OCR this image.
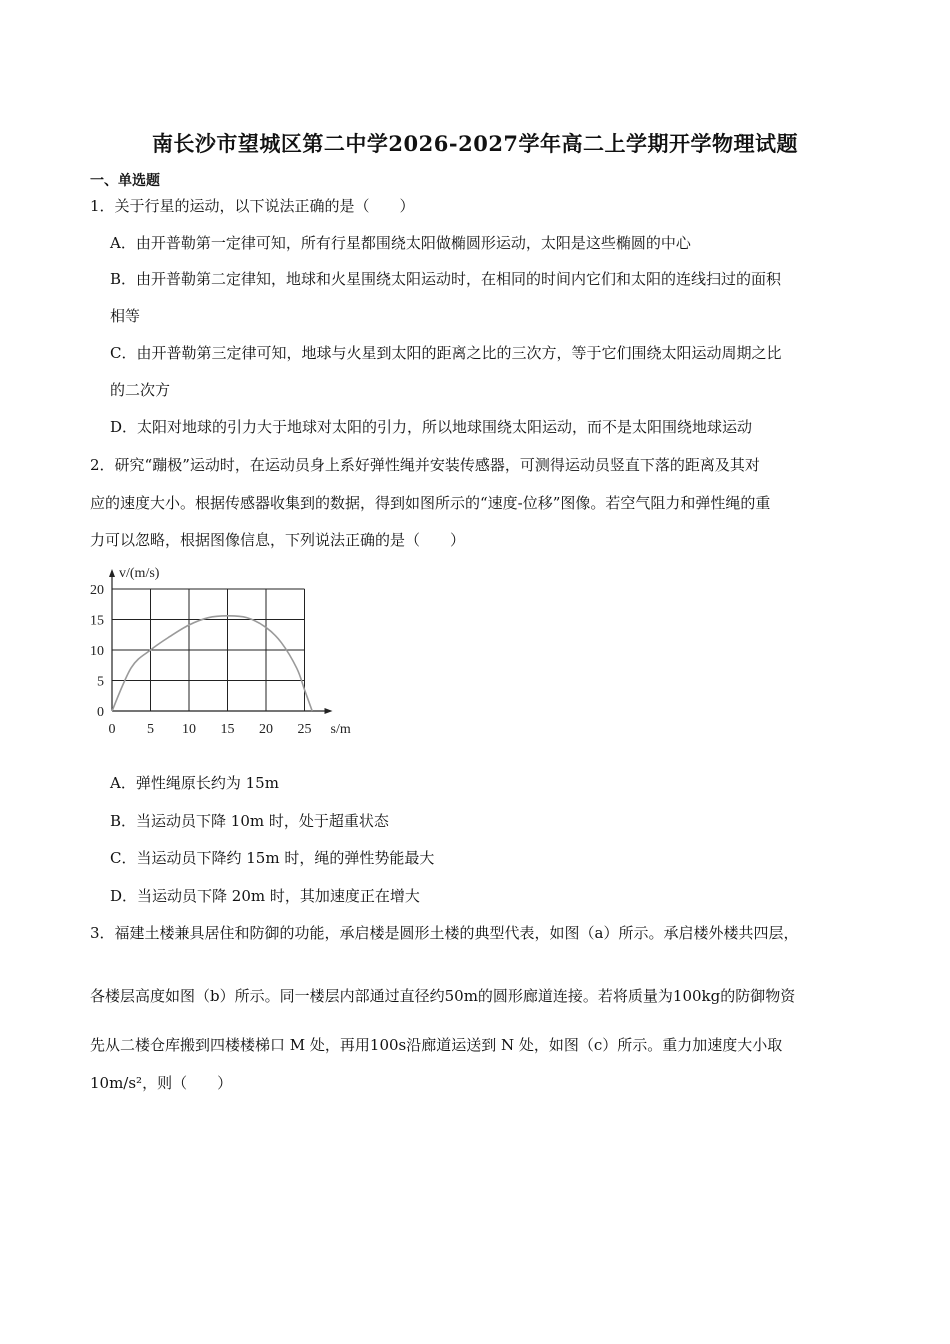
南长沙市望城区第二中学2026-2027学年高二上学期开学物理试题
一、单选题
1．关于行星的运动，以下说法正确的是（　　）
A．由开普勒第一定律可知，所有行星都围绕太阳做椭圆形运动，太阳是这些椭圆的中心
B．由开普勒第二定律知，地球和火星围绕太阳运动时，在相同的时间内它们和太阳的连线扫过的面积
相等
C．由开普勒第三定律可知，地球与火星到太阳的距离之比的三次方，等于它们围绕太阳运动周期之比
的二次方
D．太阳对地球的引力大于地球对太阳的引力，所以地球围绕太阳运动，而不是太阳围绕地球运动
2．研究“蹦极”运动时，在运动员身上系好弹性绳并安装传感器，可测得运动员竖直下落的距离及其对
应的速度大小。根据传感器收集到的数据，得到如图所示的“速度-位移”图像。若空气阻力和弹性绳的重
力可以忽略，根据图像信息，下列说法正确的是（　　）
0 5 10 15 20 25
0
5
10
15
20
v/(m/s)
s/m
A．弹性绳原长约为 15m
B．当运动员下降 10m 时，处于超重状态
C．当运动员下降约 15m 时，绳的弹性势能最大
D．当运动员下降 20m 时，其加速度正在增大
3．福建土楼兼具居住和防御的功能，承启楼是圆形土楼的典型代表，如图（a）所示。承启楼外楼共四层，
各楼层高度如图（b）所示。同一楼层内部通过直径约50m的圆形廊道连接。若将质量为100kg的防御物资
先从二楼仓库搬到四楼楼梯口 M 处，再用100s沿廊道运送到 N 处，如图（c）所示。重力加速度大小取
10m/s²，则（　　）
